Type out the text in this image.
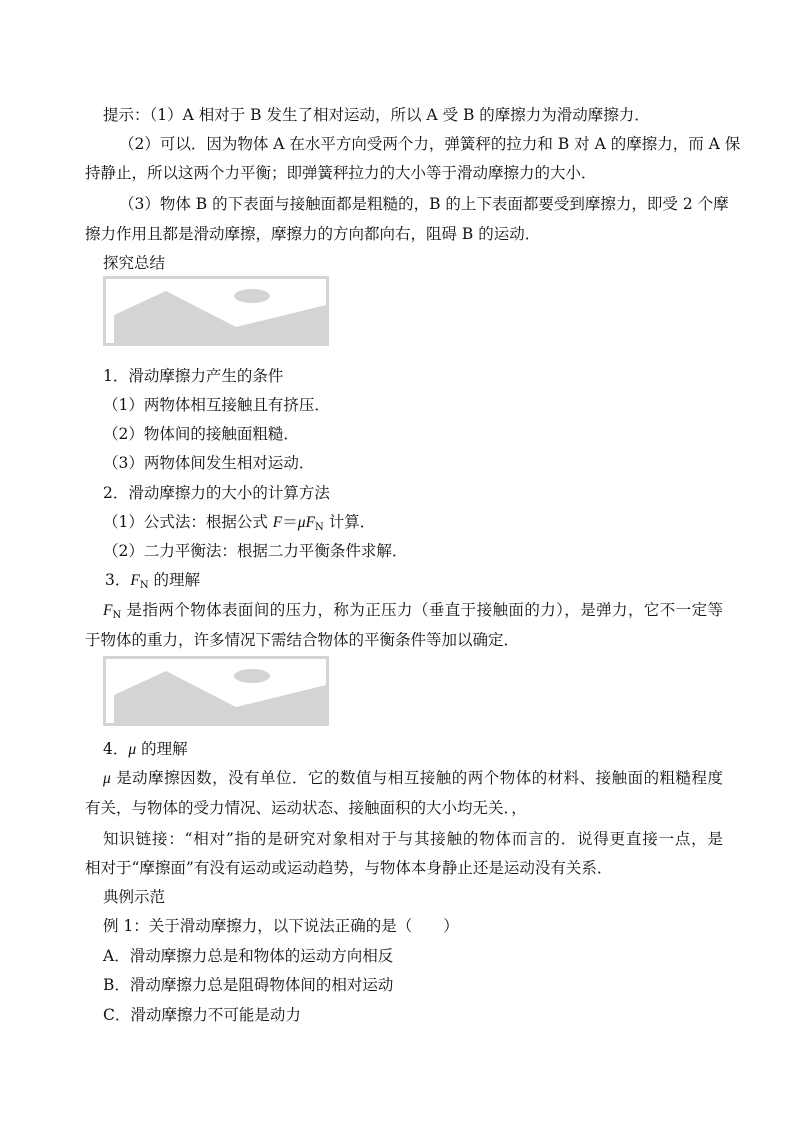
提示：（1）A 相对于 B 发生了相对运动，所以 A 受 B 的摩擦力为滑动摩擦力．
（2）可以．因为物体 A 在水平方向受两个力，弹簧秤的拉力和 B 对 A 的摩擦力，而 A 保
持静止，所以这两个力平衡；即弹簧秤拉力的大小等于滑动摩擦力的大小．
（3）物体 B 的下表面与接触面都是粗糙的，B 的上下表面都要受到摩擦力，即受 2 个摩
擦力作用且都是滑动摩擦，摩擦力的方向都向右，阻碍 B 的运动．
探究总结
1．滑动摩擦力产生的条件
（1）两物体相互接触且有挤压．
（2）物体间的接触面粗糙．
（3）两物体间发生相对运动．
2．滑动摩擦力的大小的计算方法
（1）公式法：根据公式 $F=\mu F_N$ 计算．
（2）二力平衡法：根据二力平衡条件求解．
3．$F_N$ 的理解
$F_N$ 是指两个物体表面间的压力，称为正压力（垂直于接触面的力），是弹力，它不一定等
于物体的重力，许多情况下需结合物体的平衡条件等加以确定．
4．μ 的理解
μ 是动摩擦因数，没有单位．它的数值与相互接触的两个物体的材料、接触面的粗糙程度
有关，与物体的受力情况、运动状态、接触面积的大小均无关．，
知识链接：“相对”指的是研究对象相对于与其接触的物体而言的．说得更直接一点，是
相对于“摩擦面”有没有运动或运动趋势，与物体本身静止还是运动没有关系．
典例示范
例 1：关于滑动摩擦力，以下说法正确的是（　　）
A．滑动摩擦力总是和物体的运动方向相反
B．滑动摩擦力总是阻碍物体间的相对运动
C．滑动摩擦力不可能是动力
